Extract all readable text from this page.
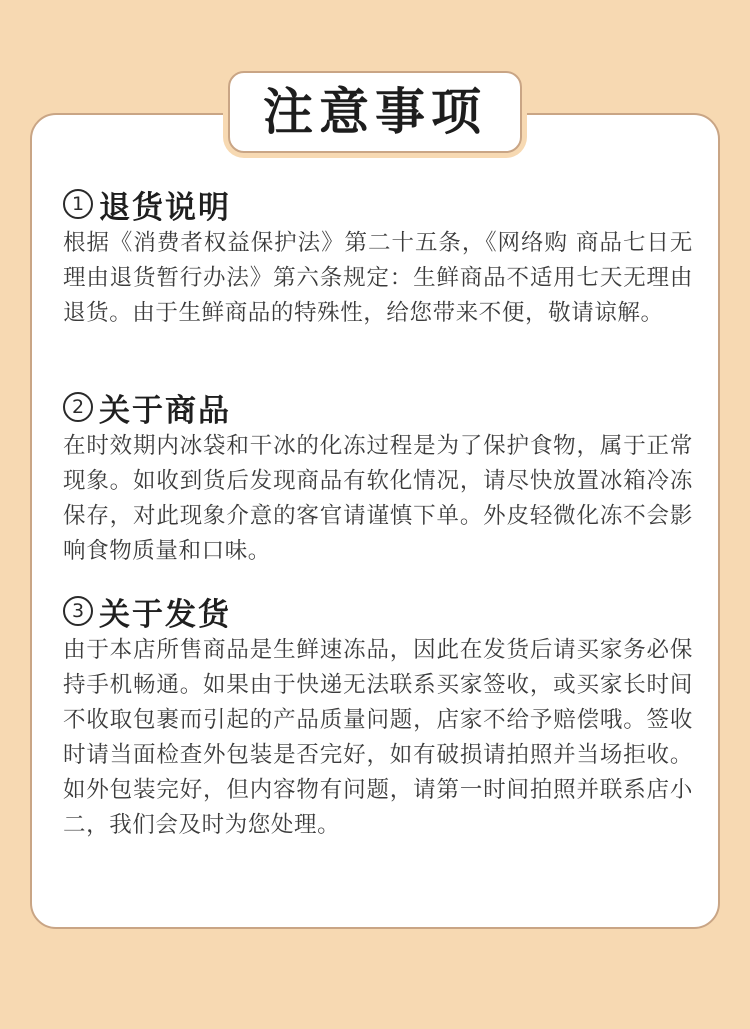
注意事项
1 退货说明
根据《消费者权益保护法》第二十五条，《网络购 商品七日无理由退货暂行办法》第六条规定：生鲜商品不适用七天无理由退货。由于生鲜商品的特殊性，给您带来不便，敬请谅解。
2 关于商品
在时效期内冰袋和干冰的化冻过程是为了保护食物，属于正常现象。如收到货后发现商品有软化情况，请尽快放置冰箱冷冻保存，对此现象介意的客官请谨慎下单。外皮轻微化冻不会影响食物质量和口味。
3 关于发货
由于本店所售商品是生鲜速冻品，因此在发货后请买家务必保持手机畅通。如果由于快递无法联系买家签收，或买家长时间不收取包裹而引起的产品质量问题，店家不给予赔偿哦。签收时请当面检查外包装是否完好，如有破损请拍照并当场拒收。如外包装完好，但内容物有问题，请第一时间拍照并联系店小二，我们会及时为您处理。
